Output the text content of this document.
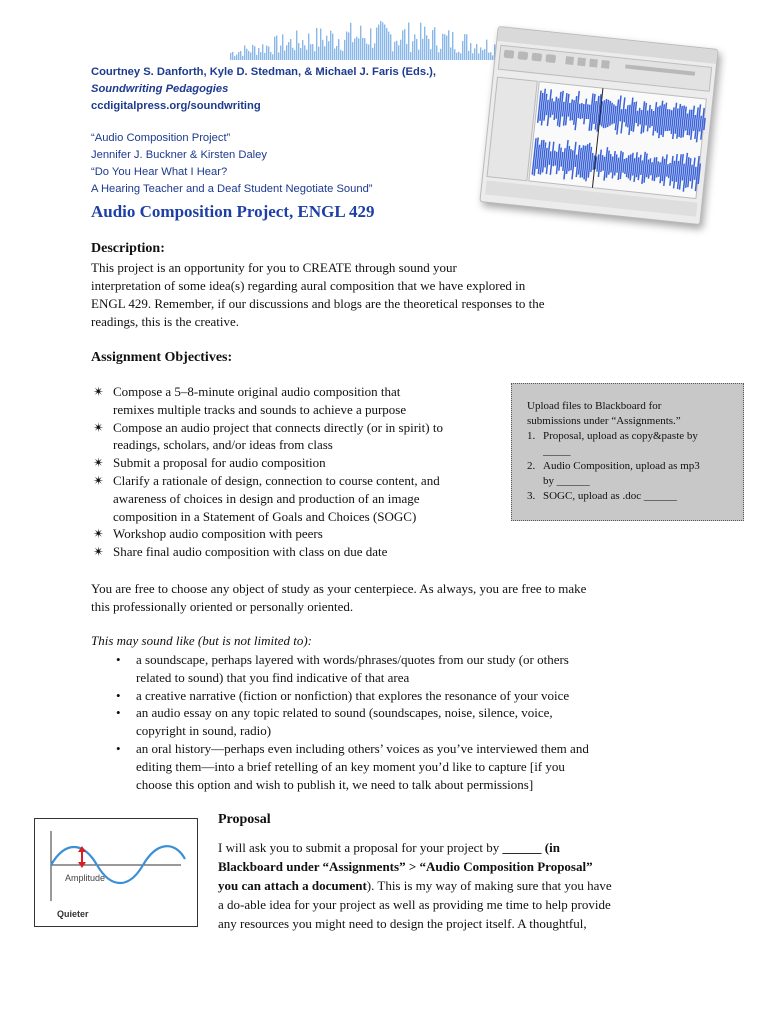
Courtney S. Danforth, Kyle D. Stedman, & Michael J. Faris (Eds.),
Soundwriting Pedagogies
ccdigitalpress.org/soundwriting
“Audio Composition Project”
Jennifer J. Buckner & Kirsten Daley
“Do You Hear What I Hear?
A Hearing Teacher and a Deaf Student Negotiate Sound”
Audio Composition Project, ENGL 429
Description:
This project is an opportunity for you to CREATE through sound your
interpretation of some idea(s) regarding aural composition that we have explored in
ENGL 429. Remember, if our discussions and blogs are the theoretical responses to the
readings, this is the creative.
Assignment Objectives:
✴ Compose a 5–8-minute original audio composition that
remixes multiple tracks and sounds to achieve a purpose
✴ Compose an audio project that connects directly (or in spirit) to
readings, scholars, and/or ideas from class
✴ Submit a proposal for audio composition
✴ Clarify a rationale of design, connection to course content, and
awareness of choices in design and production of an image
composition in a Statement of Goals and Choices (SOGC)
✴ Workshop audio composition with peers
✴ Share final audio composition with class on due date
Upload files to Blackboard for
submissions under “Assignments.”
1. Proposal, upload as copy&paste by
_____
2. Audio Composition, upload as mp3
by ______
3. SOGC, upload as .doc ______
You are free to choose any object of study as your centerpiece. As always, you are free to make
this professionally oriented or personally oriented.
This may sound like (but is not limited to):
• a soundscape, perhaps layered with words/phrases/quotes from our study (or others
related to sound) that you find indicative of that area
• a creative narrative (fiction or nonfiction) that explores the resonance of your voice
• an audio essay on any topic related to sound (soundscapes, noise, silence, voice,
copyright in sound, radio)
• an oral history—perhaps even including others’ voices as you’ve interviewed them and
editing them—into a brief retelling of an key moment you’d like to capture [if you
choose this option and wish to publish it, we need to talk about permissions]
Amplitude
Quieter
Proposal
I will ask you to submit a proposal for your project by ______ (in
Blackboard under “Assignments” > “Audio Composition Proposal”
you can attach a document). This is my way of making sure that you have
a do-able idea for your project as well as providing me time to help provide
any resources you might need to design the project itself. A thoughtful,
